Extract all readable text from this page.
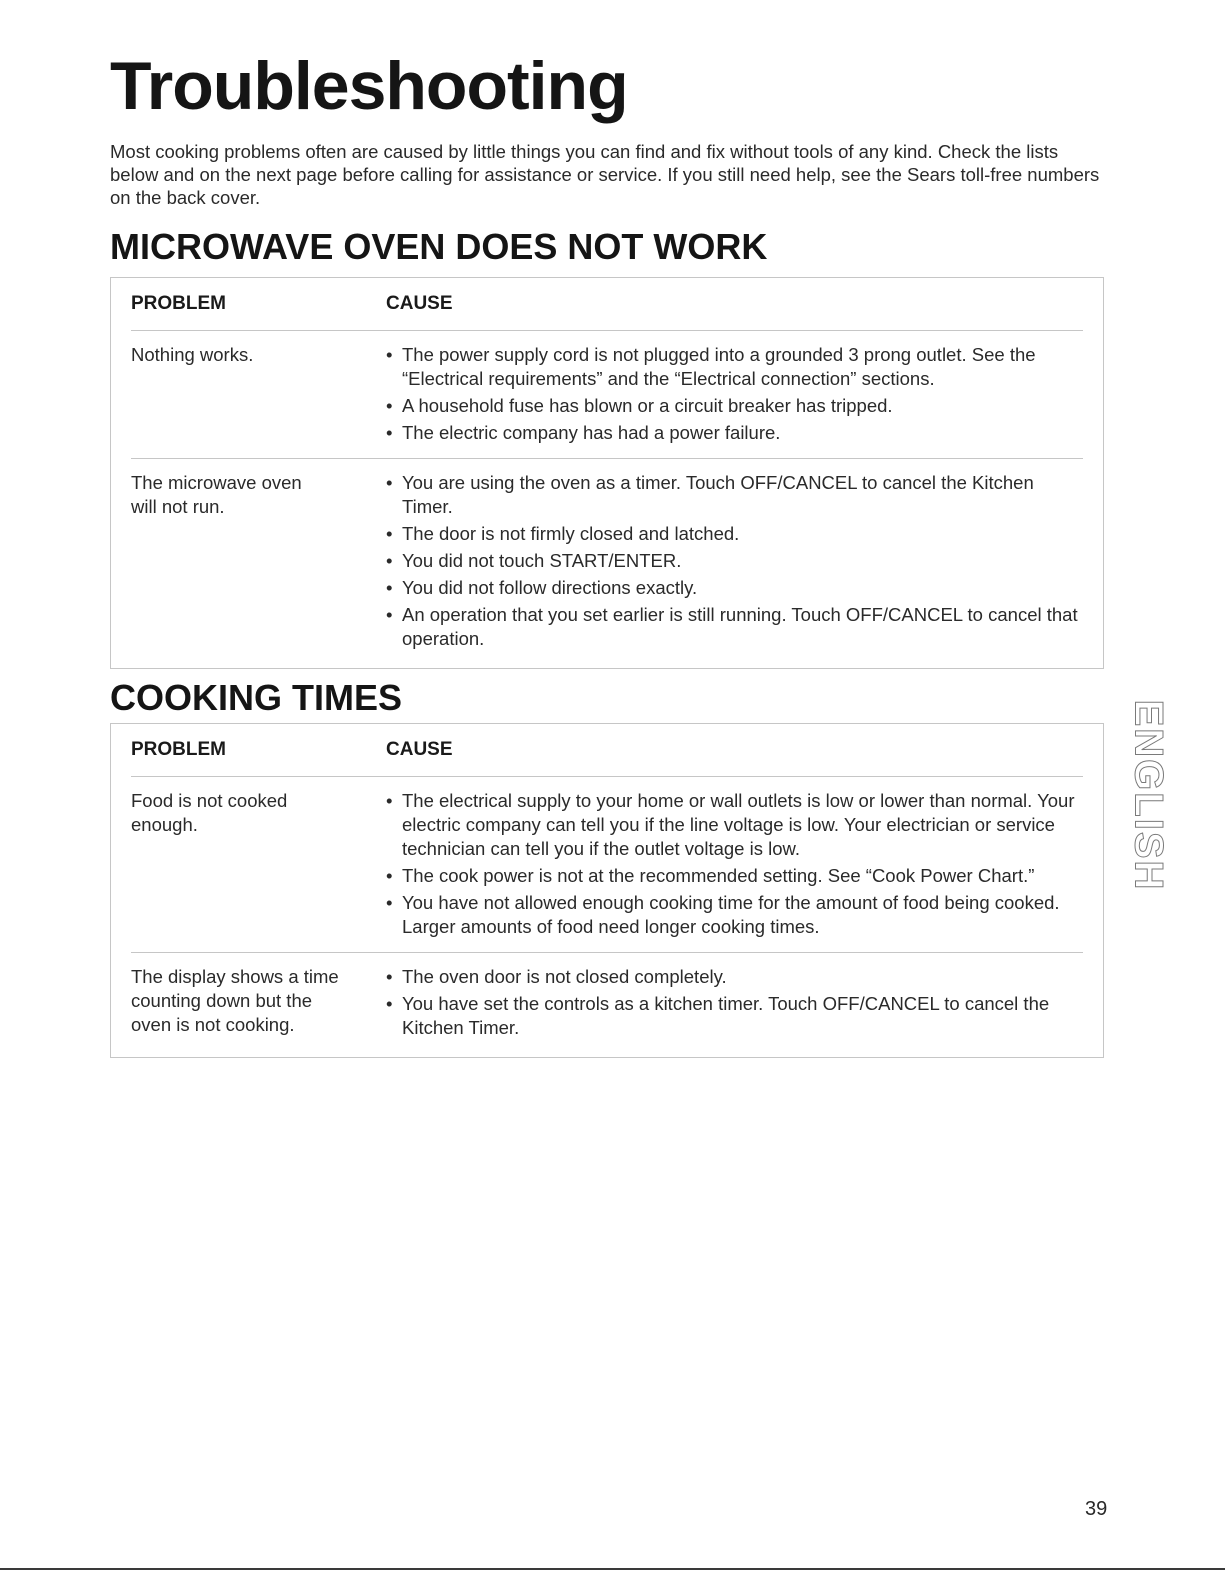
Troubleshooting

Most cooking problems often are caused by little things you can find and fix without tools of any kind. Check the lists below and on the next page before calling for assistance or service. If you still need help, see the Sears toll-free numbers on the back cover.

MICROWAVE OVEN DOES NOT WORK
PROBLEM	CAUSE
Nothing works.
•	The power supply cord is not plugged into a grounded 3 prong outlet. See the “Electrical requirements” and the “Electrical connection” sections.
• A household fuse has blown or a circuit breaker has tripped.
• The electric company has had a power failure.
The microwave oven
will not run.
• You are using the oven as a timer. Touch OFF/CANCEL to cancel the Kitchen Timer.
• The door is not firmly closed and latched.
• You did not touch START/ENTER.
• You did not follow directions exactly.
• An operation that you set earlier is still running. Touch OFF/CANCEL to cancel that operation.
COOKING TIMES
PROBLEM	CAUSE
Food is not cooked
enough.
• The electrical supply to your home or wall outlets is low or lower than normal. Your electric company can tell you if the line voltage is low. Your electrician or service technician can tell you if the outlet voltage is low.
• The cook power is not at the recommended setting. See “Cook Power Chart.”
• You have not allowed enough cooking time for the amount of food being cooked. Larger amounts of food need longer cooking times.
The display shows a time
counting down but the
oven is not cooking.
• The oven door is not closed completely.
• You have set the controls as a kitchen timer. Touch OFF/CANCEL to cancel the Kitchen Timer.
ENGLISH
39
